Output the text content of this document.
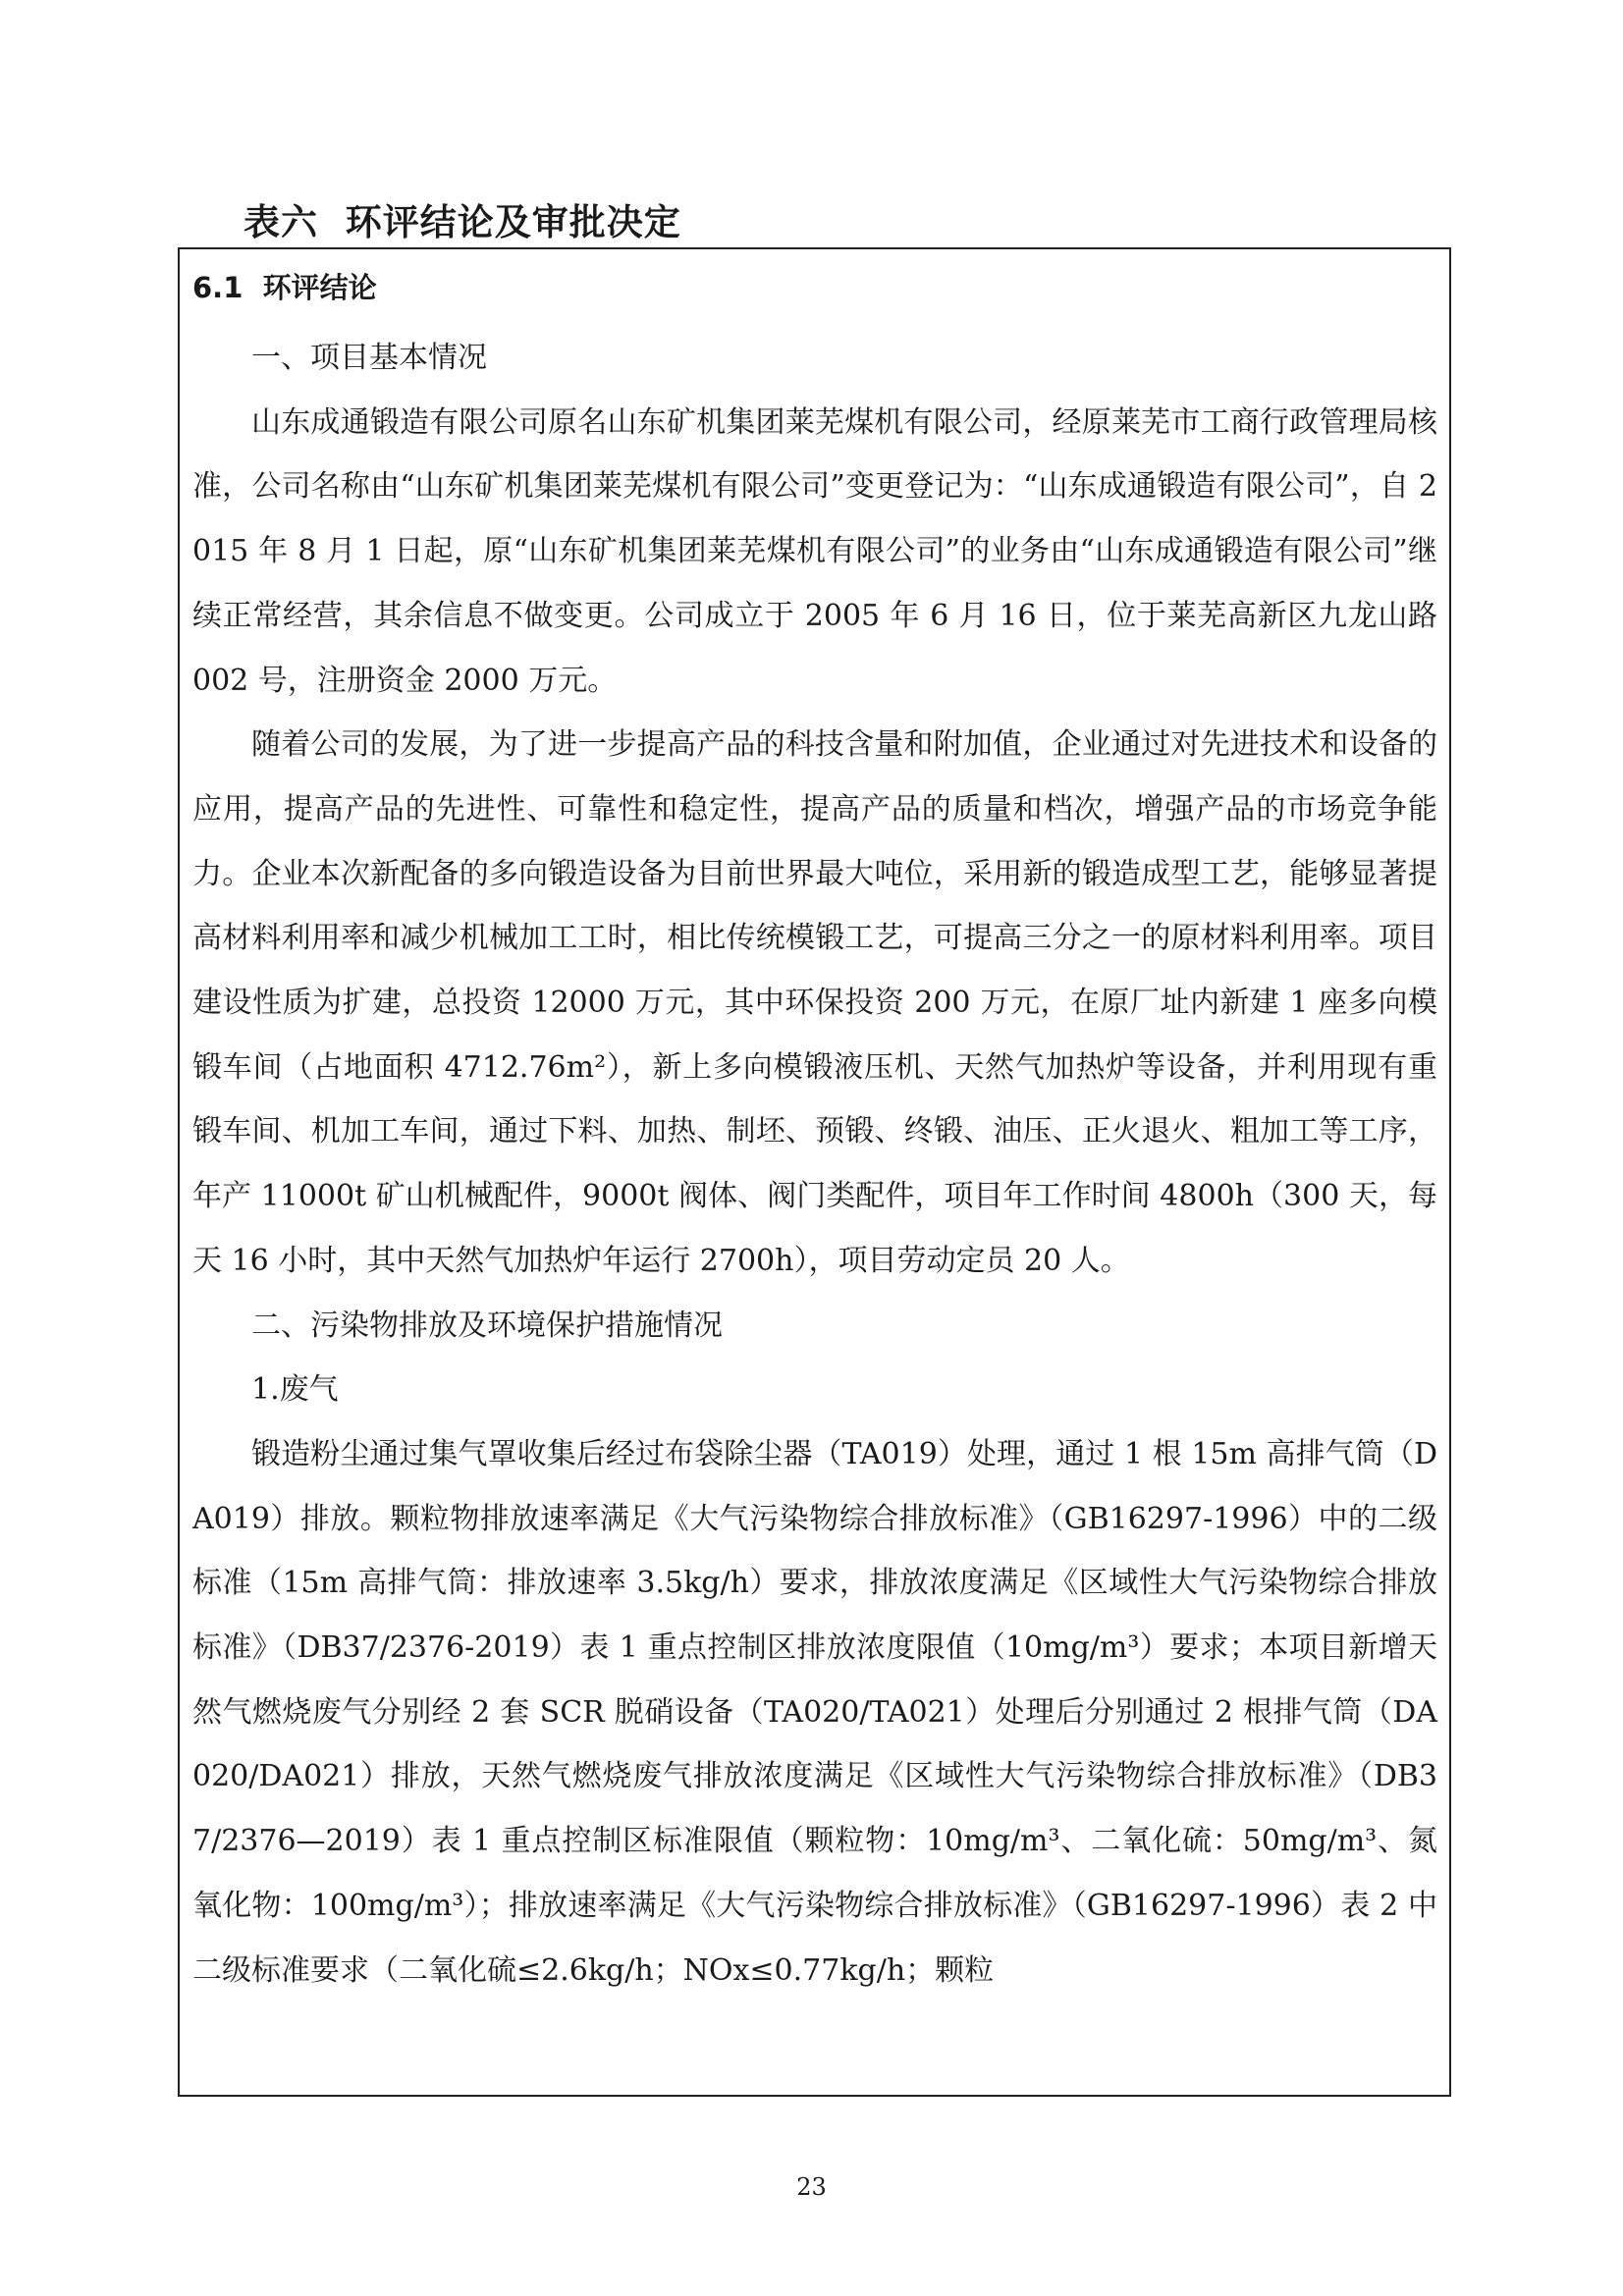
表六  环评结论及审批决定
6.1  环评结论

一、项目基本情况

山东成通锻造有限公司原名山东矿机集团莱芜煤机有限公司，经原莱芜市工商行政管理局核准，公司名称由“山东矿机集团莱芜煤机有限公司”变更登记为：“山东成通锻造有限公司”，自 2015 年 8 月 1 日起，原“山东矿机集团莱芜煤机有限公司”的业务由“山东成通锻造有限公司”继续正常经营，其余信息不做变更。公司成立于 2005 年 6 月 16 日，位于莱芜高新区九龙山路 002 号，注册资金 2000 万元。

随着公司的发展，为了进一步提高产品的科技含量和附加值，企业通过对先进技术和设备的应用，提高产品的先进性、可靠性和稳定性，提高产品的质量和档次，增强产品的市场竞争能力。企业本次新配备的多向锻造设备为目前世界最大吨位，采用新的锻造成型工艺，能够显著提高材料利用率和减少机械加工工时，相比传统模锻工艺，可提高三分之一的原材料利用率。项目建设性质为扩建，总投资 12000 万元，其中环保投资 200 万元，在原厂址内新建 1 座多向模锻车间（占地面积 4712.76m²），新上多向模锻液压机、天然气加热炉等设备，并利用现有重锻车间、机加工车间，通过下料、加热、制坯、预锻、终锻、油压、正火退火、粗加工等工序，年产 11000t 矿山机械配件，9000t 阀体、阀门类配件，项目年工作时间 4800h（300 天，每天 16 小时，其中天然气加热炉年运行 2700h），项目劳动定员 20 人。

二、污染物排放及环境保护措施情况

1.废气

锻造粉尘通过集气罩收集后经过布袋除尘器（TA019）处理，通过 1 根 15m 高排气筒（DA019）排放。颗粒物排放速率满足《大气污染物综合排放标准》（GB16297-1996）中的二级标准（15m 高排气筒：排放速率 3.5kg/h）要求，排放浓度满足《区域性大气污染物综合排放标准》（DB37/2376-2019）表 1 重点控制区排放浓度限值（10mg/m³）要求；本项目新增天然气燃烧废气分别经 2 套 SCR 脱硝设备（TA020/TA021）处理后分别通过 2 根排气筒（DA020/DA021）排放，天然气燃烧废气排放浓度满足《区域性大气污染物综合排放标准》（DB37/2376—2019）表 1 重点控制区标准限值（颗粒物：10mg/m³、二氧化硫：50mg/m³、氮氧化物：100mg/m³）；排放速率满足《大气污染物综合排放标准》（GB16297-1996）表 2 中二级标准要求（二氧化硫≤2.6kg/h；NOx≤0.77kg/h；颗粒

23
